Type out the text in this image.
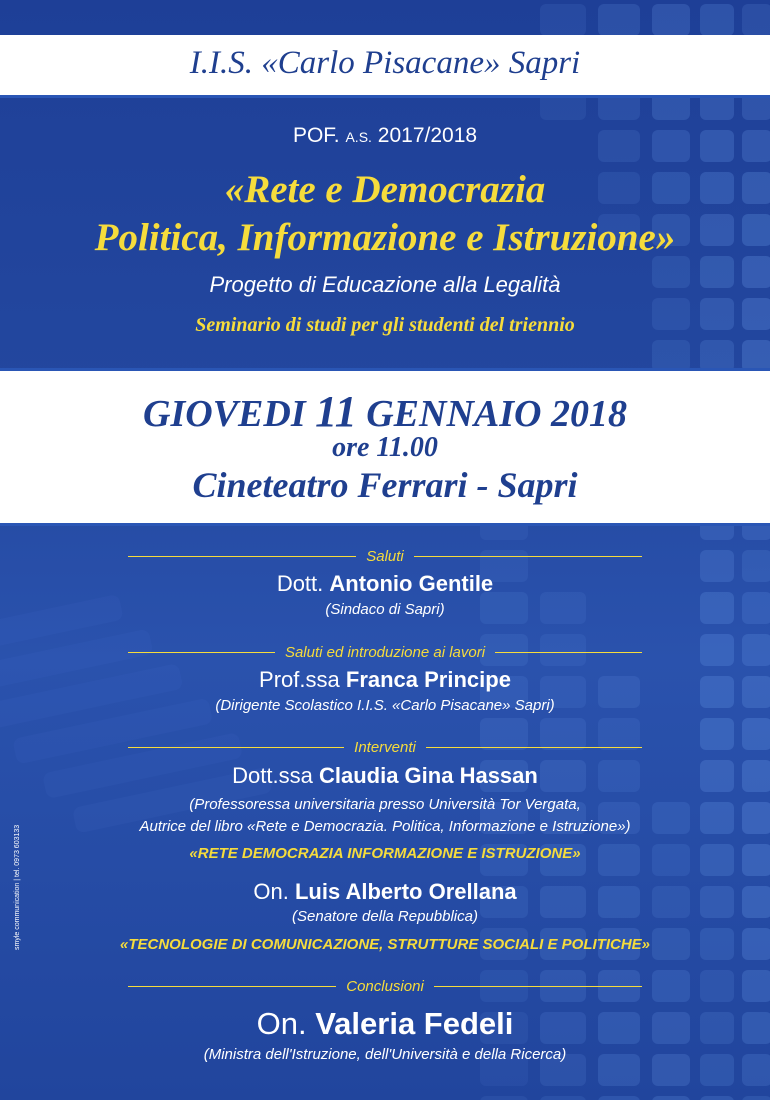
I.I.S. «Carlo Pisacane» Sapri
POF. A.S. 2017/2018
«Rete e Democrazia
Politica, Informazione e Istruzione»
Progetto di Educazione alla Legalità
Seminario di studi per gli studenti del triennio
GIOVEDI 11 GENNAIO 2018
ore 11.00
Cineteatro Ferrari - Sapri
Saluti
Dott. Antonio Gentile
(Sindaco di Sapri)
Saluti ed introduzione ai lavori
Prof.ssa Franca Principe
(Dirigente Scolastico I.I.S. «Carlo Pisacane» Sapri)
Interventi
Dott.ssa Claudia Gina Hassan
(Professoressa universitaria presso Università Tor Vergata,
Autrice del libro «Rete e Democrazia. Politica, Informazione e Istruzione»)
«RETE DEMOCRAZIA INFORMAZIONE E ISTRUZIONE»
On. Luis Alberto Orellana
(Senatore della Repubblica)
«TECNOLOGIE DI COMUNICAZIONE, STRUTTURE SOCIALI E POLITICHE»
Conclusioni
On. Valeria Fedeli
(Ministra dell'Istruzione, dell'Università e della Ricerca)
smyle communication | tel. 0973 603133
